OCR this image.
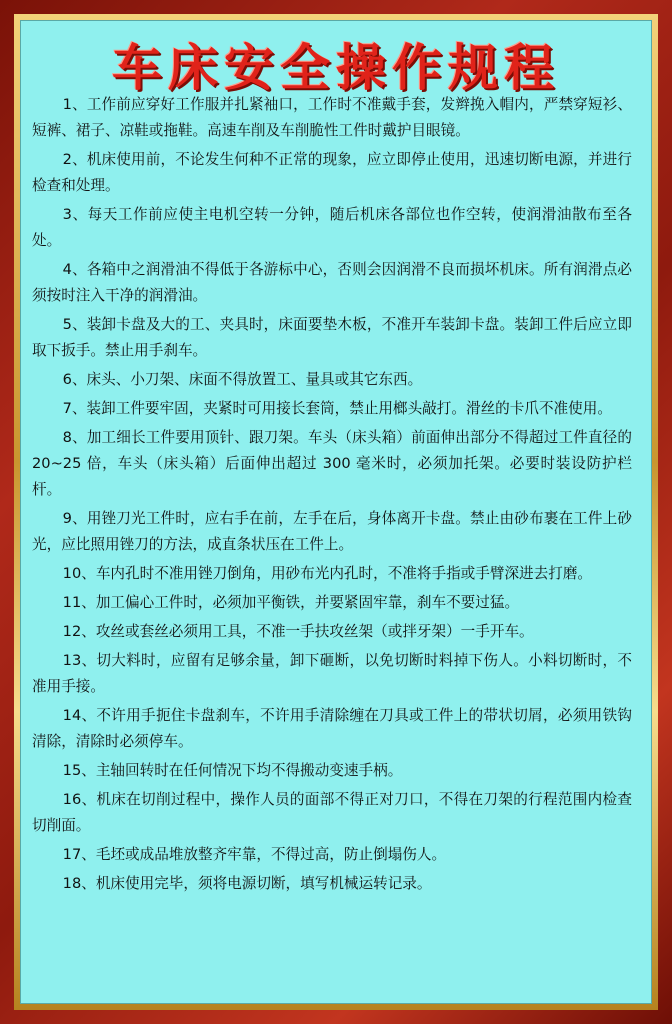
车床安全操作规程
1、工作前应穿好工作服并扎紧袖口，工作时不准戴手套，发辫挽入帽内，严禁穿短衫、短裤、裙子、凉鞋或拖鞋。高速车削及车削脆性工件时戴护目眼镜。
2、机床使用前，不论发生何种不正常的现象，应立即停止使用，迅速切断电源，并进行检查和处理。
3、每天工作前应使主电机空转一分钟，随后机床各部位也作空转，使润滑油散布至各处。
4、各箱中之润滑油不得低于各游标中心，否则会因润滑不良而损坏机床。所有润滑点必须按时注入干净的润滑油。
5、装卸卡盘及大的工、夹具时，床面要垫木板，不准开车装卸卡盘。装卸工件后应立即取下扳手。禁止用手刹车。
6、床头、小刀架、床面不得放置工、量具或其它东西。
7、装卸工件要牢固，夹紧时可用接长套筒，禁止用榔头敲打。滑丝的卡爪不准使用。
8、加工细长工件要用顶针、跟刀架。车头（床头箱）前面伸出部分不得超过工件直径的 20~25 倍，车头（床头箱）后面伸出超过 300 毫米时，必须加托架。必要时装设防护栏杆。
9、用锉刀光工件时，应右手在前，左手在后，身体离开卡盘。禁止由砂布裹在工件上砂光，应比照用锉刀的方法，成直条状压在工件上。
10、车内孔时不准用锉刀倒角，用砂布光内孔时，不准将手指或手臂深进去打磨。
11、加工偏心工件时，必须加平衡铁，并要紧固牢靠，刹车不要过猛。
12、攻丝或套丝必须用工具，不准一手扶攻丝架（或拌牙架）一手开车。
13、切大料时，应留有足够余量，卸下砸断，以免切断时料掉下伤人。小料切断时，不准用手接。
14、不许用手扼住卡盘刹车，不许用手清除缠在刀具或工件上的带状切屑，必须用铁钩清除，清除时必须停车。
15、主轴回转时在任何情况下均不得搬动变速手柄。
16、机床在切削过程中，操作人员的面部不得正对刀口，不得在刀架的行程范围内检查切削面。
17、毛坯或成品堆放整齐牢靠，不得过高，防止倒塌伤人。
18、机床使用完毕，须将电源切断，填写机械运转记录。
